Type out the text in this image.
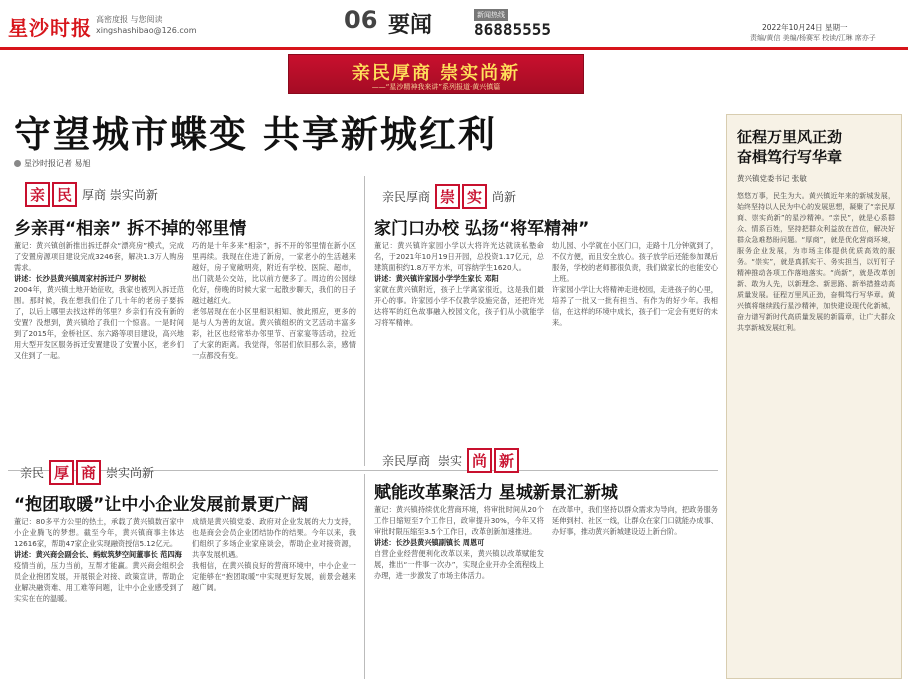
星沙时报 高密度报 与您阅读
xingshashibao@126.com	06 要闻	新闻热线
86885555	2022年10月24日 星期一
责编/黄信 美编/杨赛军 校读/江琳 席亦子
亲民厚商 崇实尚新
——“星沙精神我来讲”系列报道·黄兴镇篇
守望城市蝶变 共享新城红利
星沙时报记者 易旭
征程万里风正劲
奋楫笃行写华章
黄兴镇党委书记 张敏
悠悠万事，民生为大。黄兴镇近年来的新城发展，始终坚持以人民为中心的发展思想，凝聚了“亲民厚商、崇实尚新”的星沙精神。“亲民”，就是心系群众、情系百姓，坚持把群众利益放在首位，解决好群众急难愁盼问题。“厚商”，就是优化营商环境，服务企业发展，为市场主体提供优质高效的服务。“崇实”，就是真抓实干、务实担当，以钉钉子精神推动各项工作落地落实。“尚新”，就是改革创新、敢为人先，以新理念、新思路、新举措推动高质量发展。征程万里风正劲，奋楫笃行写华章。黄兴镇将继续践行星沙精神，加快建设现代化新城，奋力谱写新时代高质量发展的新篇章，让广大群众共享新城发展红利。
亲 民 厚商 崇实尚新
乡亲再“相亲” 拆不掉的邻里情

董记：黄兴镇创新推出拆迁群众“漂亮房”模式，完成了安置房源项目建设完成3246套，解决1.3万人购房需求。

讲述：长沙县黄兴镇周家村拆迁户 罗树松

2004年，黄兴镇土地开始征收，我家也被列入拆迁范围。那时候，我在想我们住了几十年的老房子要拆了，以后上哪里去找这样的邻里？乡亲们有没有新的安置？没想到，黄兴镇给了我们一个惊喜。一是时间到了2015年，金桥社区、东六路等项目建设，高兴地用大型开发区服务拆迁安置建设了安置小区，老乡们又住到了一起。

巧的是十年多来“相亲”，拆不开的邻里情在新小区里再续。我现在住进了新房，一家老小的生活越来越好，房子宽敞明亮，附近有学校、医院、超市，出门就是公交站，比以前方便多了。周边的公园绿化好，傍晚的时候大家一起散步聊天，我们的日子越过越红火。

老邻居现在在小区里相识相知、彼此照应，更多的是与人为善的友谊。黄兴镇组织的文艺活动丰富多彩，社区也经常举办邻里节、百家宴等活动，拉近了大家的距离。我觉得，邻居们依旧那么亲，感情一点都没有变。

亲民厚商 崇 实 尚新
家门口办校 弘扬“将军精神”

董记：黄兴镇许家园小学以大将许光达就读私塾命名，于2021年10月19日开园，总投资1.17亿元，总建筑面积约1.8万平方米，可容纳学生1620人。

讲述：黄兴镇许家园小学学生家长 邓阳

家就在黄兴镇附近，孩子上学离家很近，这是我们最开心的事。许家园小学不仅教学设施完备，还把许光达将军的红色故事融入校园文化，孩子们从小就能学习将军精神。

幼儿园、小学就在小区门口，走路十几分钟就到了，不仅方便，而且安全放心。孩子放学后还能参加课后服务，学校的老师都很负责，我们做家长的也能安心上班。

许家园小学让大将精神走进校园，走进孩子的心里，培养了一批又一批有担当、有作为的好少年。我相信，在这样的环境中成长，孩子们一定会有更好的未来。

亲民 厚 商 崇实尚新
“抱团取暖”让中小企业发展前景更广阔

董记：80多平方公里的热土，承载了黄兴镇数百家中小企业腾飞的梦想。截至今年，黄兴镇商事主体达12616家，帮助47家企业实现融资授信5.12亿元。

讲述：黄兴商会副会长、蚂蚁筑梦空间董事长 范四海

疫情当前，压力当前，互帮才能赢。黄兴商会组织会员企业抱团发展，开展银企对接、政策宣讲，帮助企业解决融资难、用工难等问题，让中小企业感受到了实实在在的温暖。

成绩是黄兴镇党委、政府对企业发展的大力支持，也是商会会员企业团结协作的结果。今年以来，我们组织了多场企业家座谈会，帮助企业对接资源，共享发展机遇。

我相信，在黄兴镇良好的营商环境中，中小企业一定能够在“抱团取暖”中实现更好发展，前景会越来越广阔。

亲民厚商 崇实 尚 新
赋能改革聚活力 星城新景汇新城

董记：黄兴镇持续优化营商环境，将审批时间从20个工作日缩短至7个工作日，政审提升30%，今年又将审批时限压缩至3.5个工作日，改革创新加速推进。

讲述：长沙县黄兴镇副镇长 周恩可

自营企业经营便利化改革以来，黄兴镇以改革赋能发展，推出“一件事一次办”，实现企业开办全流程线上办理，进一步激发了市场主体活力。

在改革中，我们坚持以群众需求为导向，把政务服务延伸到村、社区一线，让群众在家门口就能办成事、办好事，推动黄兴新城建设迈上新台阶。
